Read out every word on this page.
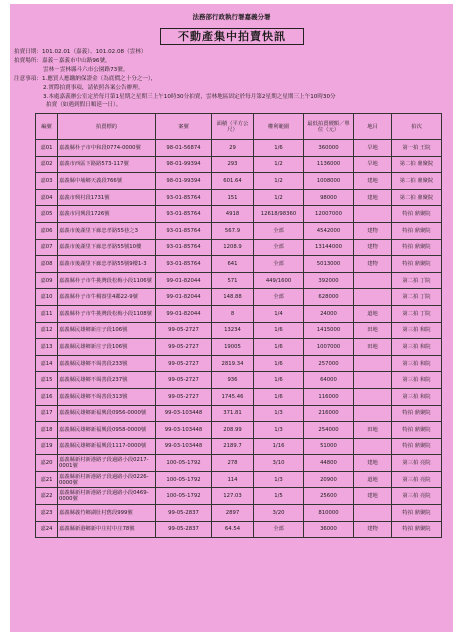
法務部行政執行署嘉義分署
不動產集中拍賣快訊
拍賣日期：101.02.01（嘉義）、101.02.08（雲林）
拍賣場所：嘉義－嘉義市中山路96號，
雲林－雲林縣斗六市公園路73號。
注意事項：1.應買人應繳納保證金（為底價之十分之一），
2.實際拍賣事項，請依照各案公告辦理。
3.本處嘉義辦公室定於每月第1星期之星期三上午10時30分拍賣，雲林地區固定於每月第2星期之星期三上午10時30分
拍賣（如遇到假日順延一日）。
編號	拍賣標的	案號	面積（平方公尺）	權利範圍	最低拍賣價額／單位（元）	地目	拍次
嘉01	嘉義縣朴子市中和段0774-0000號	98-01-56874	29	1/6	360000	旱地	第一拍 王院
嘉02	嘉義市西區下路路573-117號	98-01-99394	293	1/2	1136000	旱地	第二拍 鼎聚院
嘉03	嘉義縣中埔鄉天義段766號	98-01-99394	601.64	1/2	1008000	建地	第二拍 鼎聚院
嘉04	嘉義市興村段1731號	93-01-85764	151	1/2	98000	建地	第二拍 鼎聚院
嘉05	嘉義市同興段1726號	93-01-85764	4918	12618/98360	12007000		特拍 鼎聚院
嘉06	嘉義市後湖里下廊忠孝路55巷之3	93-01-85764	567.9	全部	4542000	建物	特拍 鼎聚院
嘉07	嘉義市後湖里下廊忠孝路55號10樓	93-01-85764	1208.9	全部	13144000	建物	特拍 鼎聚院
嘉08	嘉義市後湖里下廊忠孝路55號9樓1-3	93-01-85764	641	全部	5013000	建物	特拍 鼎聚院
嘉09	嘉義縣朴子市牛挑灣段松梅小段1106號	99-01-82044	571	449/1600	392000		第二拍 丁院
嘉10	嘉義縣朴子市牛稠寮里4鄰22-9號	99-01-82044	148.88	全部	628000		第二拍 丁院
嘉11	嘉義縣朴子市牛挑灣段松梅小段1108號	99-01-82044	8	1/4	24000	道地	第二拍 丁院
嘉12	嘉義縣民雄鄉新庄子段106號	99-05-2727	13234	1/6	1415000	田地	第三拍 和院
嘉13	嘉義縣民雄鄉新庄子段106號	99-05-2727	19005	1/6	1007000	田地	第三拍 和院
嘉14	嘉義縣民雄鄉不竭善段233號	99-05-2727	2819.34	1/6	257000		第三拍 和院
嘉15	嘉義縣民雄鄉不竭善段237號	99-05-2727	936	1/6	64000		第三拍 和院
嘉16	嘉義縣民雄鄉不竭善段313號	99-05-2727	1745.46	1/6	116000		第三拍 和院
嘉17	嘉義縣民雄鄉新福興段0956-0000號	99-03-103448	371.81	1/3	216000		特拍 鼎聚院
嘉18	嘉義縣民雄鄉新福興段0958-0000號	99-03-103448	208.99	1/3	254000	田地	特拍 鼎聚院
嘉19	嘉義縣民雄鄉新福興段1117-0000號	99-03-103448	2189.7	1/16	51000		特拍 鼎聚院
嘉20	嘉義縣新村新港路子段過路小段0217-0001號	100-05-1792	278	3/10	44800	建地	第三拍 亮院
嘉21	嘉義縣新村新港路子段過路小段0226-0000號	100-05-1792	114	1/3	20900	道地	第三拍 亮院
嘉22	嘉義縣新村新港路子段過路小段0469-0000號	100-05-1792	127.03	1/5	25600	建地	第三拍 亮院
嘉23	嘉義縣義竹鄉湖肚村舊段999號	99-05-2837	2897	3/20	810000		特拍 鼎聚院
嘉24	嘉義縣新港鄉新中庄村中庄78號	99-05-2837	64.54	全部	36000	建物	特拍 鼎聚院
